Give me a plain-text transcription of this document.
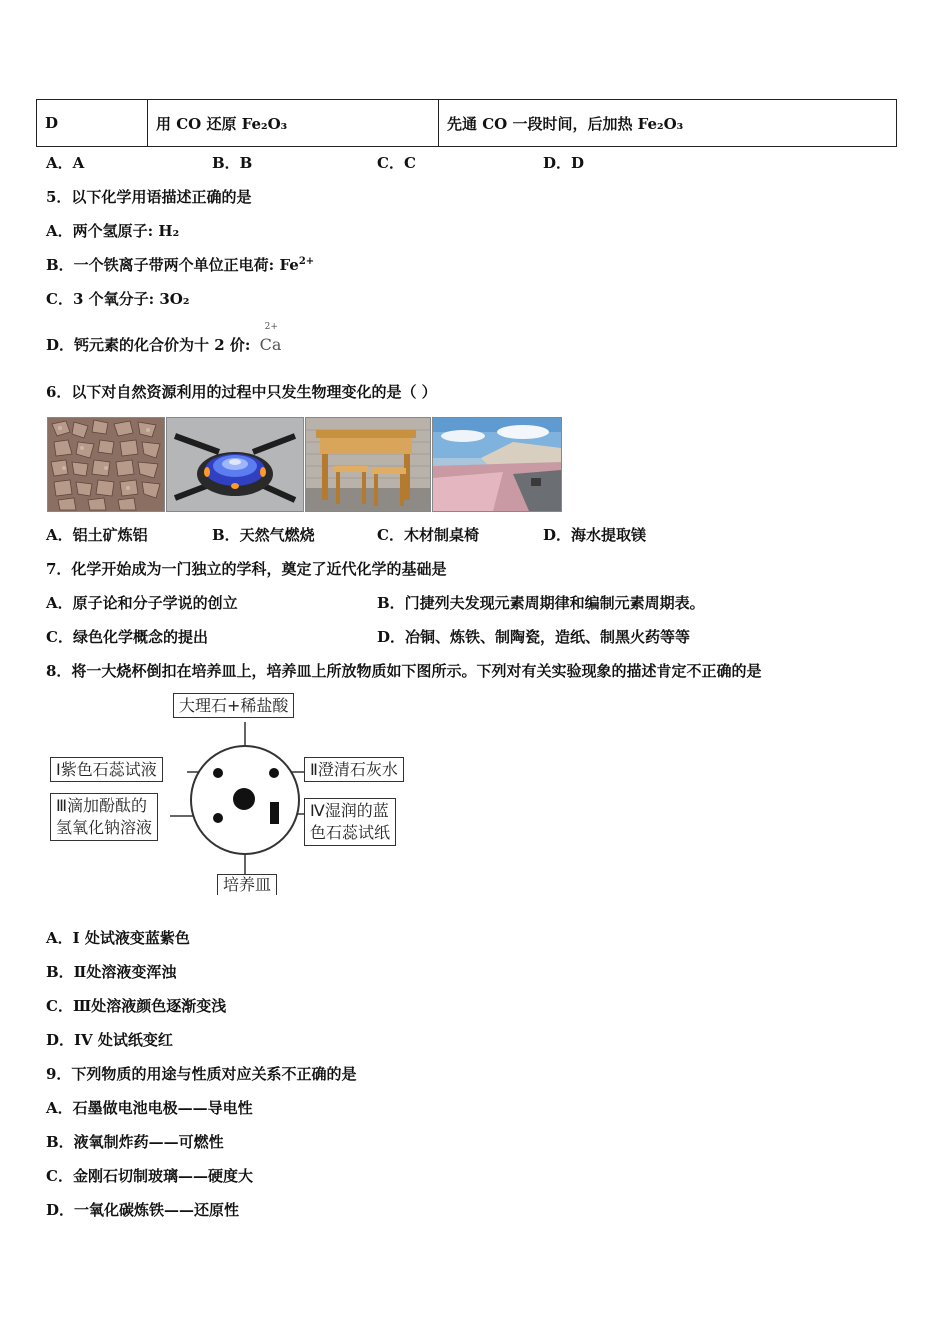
D	用 CO 还原 Fe₂O₃	先通 CO 一段时间，后加热 Fe₂O₃
A．A	B．B	C．C	D．D
5．以下化学用语描述正确的是
A．两个氢原子: H₂
B．一个铁离子带两个单位正电荷: $Fe^{2+}$
C．3 个氧分子: 3O₂
D．钙元素的化合价为十 2 价:
2+
Ca
6．以下对自然资源利用的过程中只发生物理变化的是（ ）
A．铝土矿炼铝	B．天然气燃烧	C．木材制桌椅	D．海水提取镁
7．化学开始成为一门独立的学科，奠定了近代化学的基础是
A．原子论和分子学说的创立	B．门捷列夫发现元素周期律和编制元素周期表。
C．绿色化学概念的提出	D．冶铜、炼铁、制陶瓷，造纸、制黑火药等等
8．将一大烧杯倒扣在培养皿上，培养皿上所放物质如下图所示。下列对有关实验现象的描述肯定不正确的是
大理石+稀盐酸
Ⅰ紫色石蕊试液
Ⅲ滴加酚酞的
氢氧化钠溶液
Ⅱ澄清石灰水
Ⅳ湿润的蓝
色石蕊试纸
培养皿
A．I 处试液变蓝紫色
B．Ⅱ处溶液变浑浊
C．Ⅲ处溶液颜色逐渐变浅
D．IV 处试纸变红
9．下列物质的用途与性质对应关系不正确的是
A．石墨做电池电极——导电性
B．液氧制炸药——可燃性
C．金刚石切制玻璃——硬度大
D．一氧化碳炼铁——还原性
